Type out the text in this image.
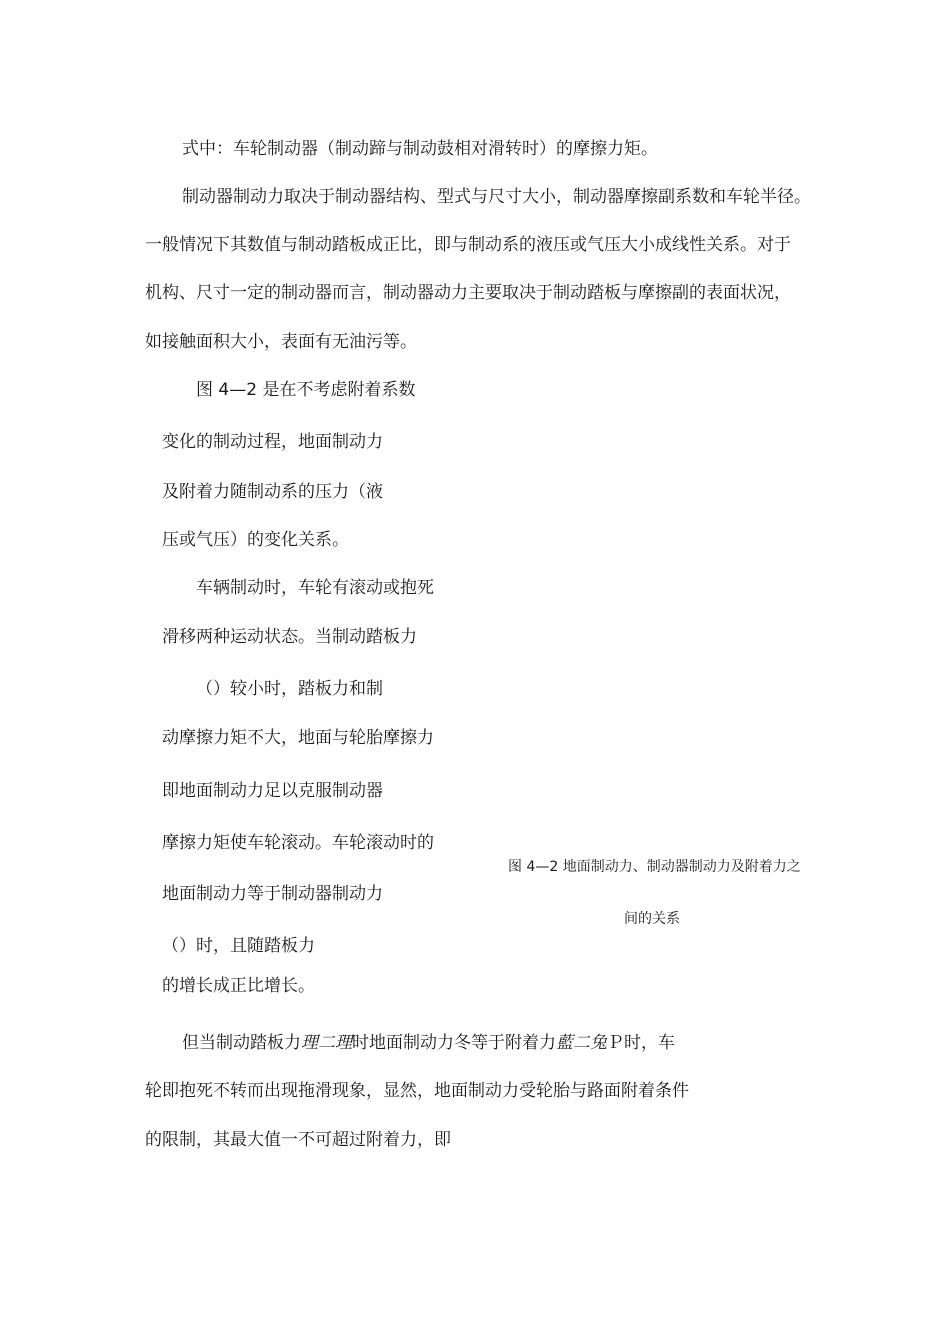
式中：车轮制动器（制动蹄与制动鼓相对滑转时）的摩擦力矩。
制动器制动力取决于制动器结构、型式与尺寸大小，制动器摩擦副系数和车轮半径。
一般情况下其数值与制动踏板成正比，即与制动系的液压或气压大小成线性关系。对于
机构、尺寸一定的制动器而言，制动器动力主要取决于制动踏板与摩擦副的表面状况，
如接触面积大小，表面有无油污等。
图 4—2 是在不考虑附着系数
变化的制动过程，地面制动力
及附着力随制动系的压力（液
压或气压）的变化关系。
车辆制动时，车轮有滚动或抱死
滑移两种运动状态。当制动踏板力
（）较小时，踏板力和制
动摩擦力矩不大，地面与轮胎摩擦力
即地面制动力足以克服制动器
摩擦力矩使车轮滚动。车轮滚动时的
地面制动力等于制动器制动力
（）时，且随踏板力
的增长成正比增长。
图 4—2 地面制动力、制动器制动力及附着力之
间的关系
但当制动踏板力理二理时地面制动力冬等于附着力藍二兔Ｐ时，车
轮即抱死不转而出现拖滑现象，显然，地面制动力受轮胎与路面附着条件
的限制，其最大值一不可超过附着力，即
